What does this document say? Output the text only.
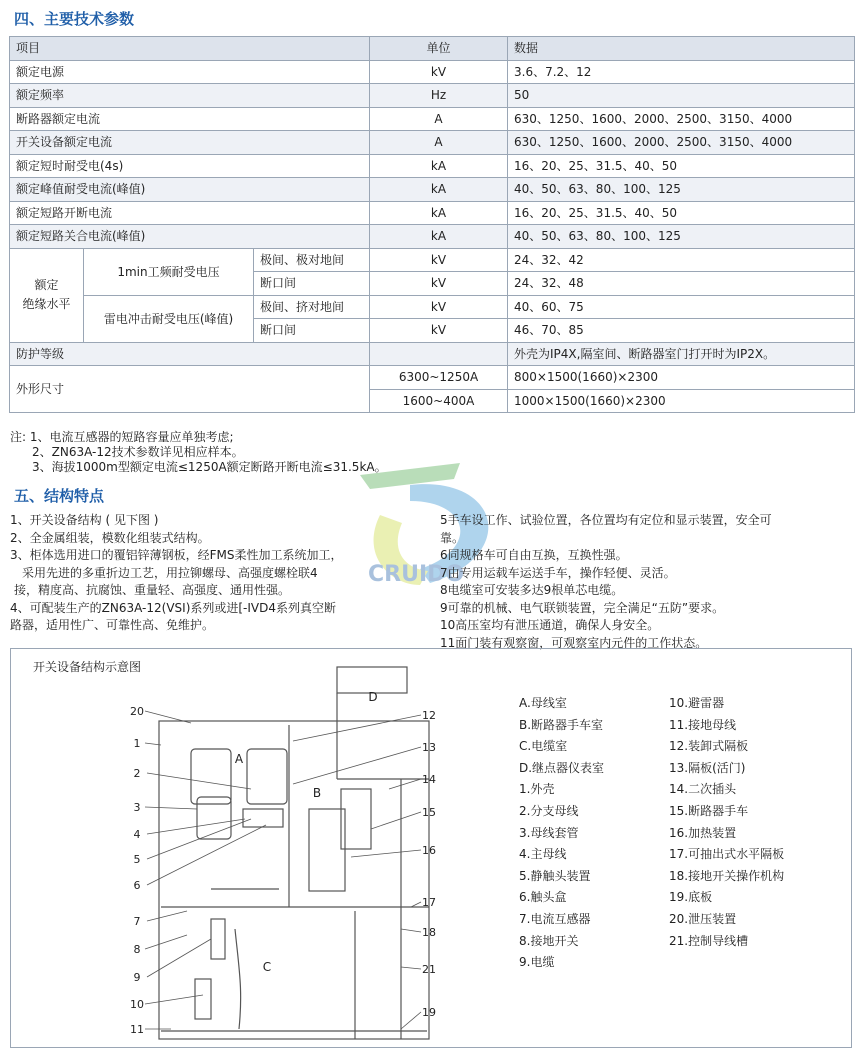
四、主要技术参数
项目			单位	数据
额定电源			kV	3.6、7.2、12
额定频率			Hz	50
断路器额定电流			A	630、1250、1600、2000、2500、3150、4000
开关设备额定电流			A	630、1250、1600、2000、2500、3150、4000
额定短时耐受电(4s)			kA	16、20、25、31.5、40、50
额定峰值耐受电流(峰值)			kA	40、50、63、80、100、125
额定短路开断电流			kA	16、20、25、31.5、40、50
额定短路关合电流(峰值)			kA	40、50、63、80、100、125
额定
绝缘水平	1min工频耐受电压	极间、极对地间	kV	24、32、42
		断口间	kV	24、32、48
	雷电冲击耐受电压(峰值)	极间、挤对地间	kV	40、60、75
		断口间	kV	46、70、85
防护等级				外壳为IP4X,隔室间、断路器室门打开时为IP2X。
外形尺寸			6300~1250A	800×1500(1660)×2300
			1600~400A	1000×1500(1660)×2300
注: 1、电流互感器的短路容量应单独考虑;
2、ZN63A-12技术参数详见相应样本。
3、海拔1000m型额定电流≤1250A额定断路开断电流≤31.5kA。
CRUIDO
五、结构特点
1、开关设备结构 ( 见下图 )
2、全金属组装，模数化组装式结构。
3、柜体选用进口的覆铝锌薄钢板，经FMS柔性加工系统加工，
采用先进的多重折边工艺，用拉铆螺母、高强度螺栓联4
接，精度高、抗腐蚀、重量轻、高强度、通用性强。
4、可配装生产的ZN63A-12(VSI)系列或进[-IVD4系列真空断
路器，适用性广、可靠性高、免维护。
5手车设工作、试验位置，各位置均有定位和显示装置，安全可
靠。
6同规格车可自由互换，互换性强。
7由专用运载车运送手车，操作轻便、灵活。
8电缆室可安装多达9根单芯电缆。
9可靠的机械、电气联锁装置，完全满足“五防”要求。
10高压室均有泄压通道，确保人身安全。
11面门装有观察窗，可观察室内元件的工作状态。
开关设备结构示意图
A
B
C
D
20
1
2
3
4
5
6
7
8
9
10
11
12
13
14
15
16
17
18
21
19
A.母线室
B.断路器手车室
C.电缆室
D.继点器仪表室
1.外壳
2.分支母线
3.母线套管
4.主母线
5.静触头装置
6.触头盒
7.电流互感器
8.接地开关
9.电缆
10.避雷器
11.接地母线
12.装卸式隔板
13.隔板(活门)
14.二次插头
15.断路器手车
16.加热装置
17.可抽出式水平隔板
18.接地开关操作机构
19.底板
20.泄压装置
21.控制导线槽
